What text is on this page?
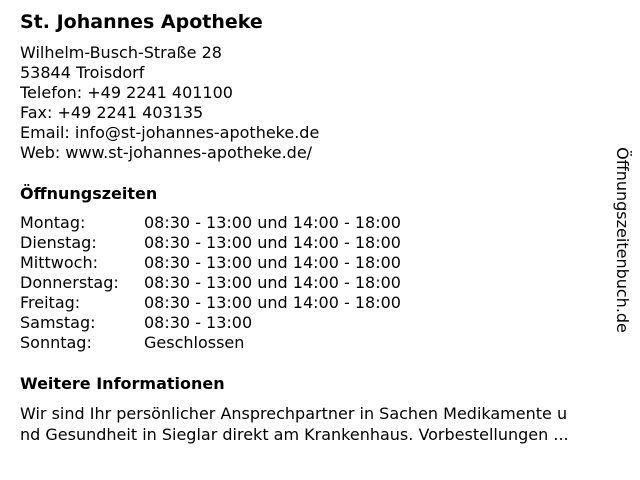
St. Johannes Apotheke
Wilhelm-Busch-Straße 28
53844 Troisdorf
Telefon: +49 2241 401100
Fax: +49 2241 403135
Email: info@st-johannes-apotheke.de
Web: www.st-johannes-apotheke.de/
Öffnungszeiten
Montag:	08:30 - 13:00 und 14:00 - 18:00
Dienstag:	08:30 - 13:00 und 14:00 - 18:00
Mittwoch:	08:30 - 13:00 und 14:00 - 18:00
Donnerstag: 08:30 - 13:00 und 14:00 - 18:00
Freitag:	08:30 - 13:00 und 14:00 - 18:00
Samstag:	08:30 - 13:00
Sonntag:	Geschlossen
Weitere Informationen
Wir sind Ihr persönlicher Ansprechpartner in Sachen Medikamente u
nd Gesundheit in Sieglar direkt am Krankenhaus. Vorbestellungen ...
Öffnungszeitenbuch.de
